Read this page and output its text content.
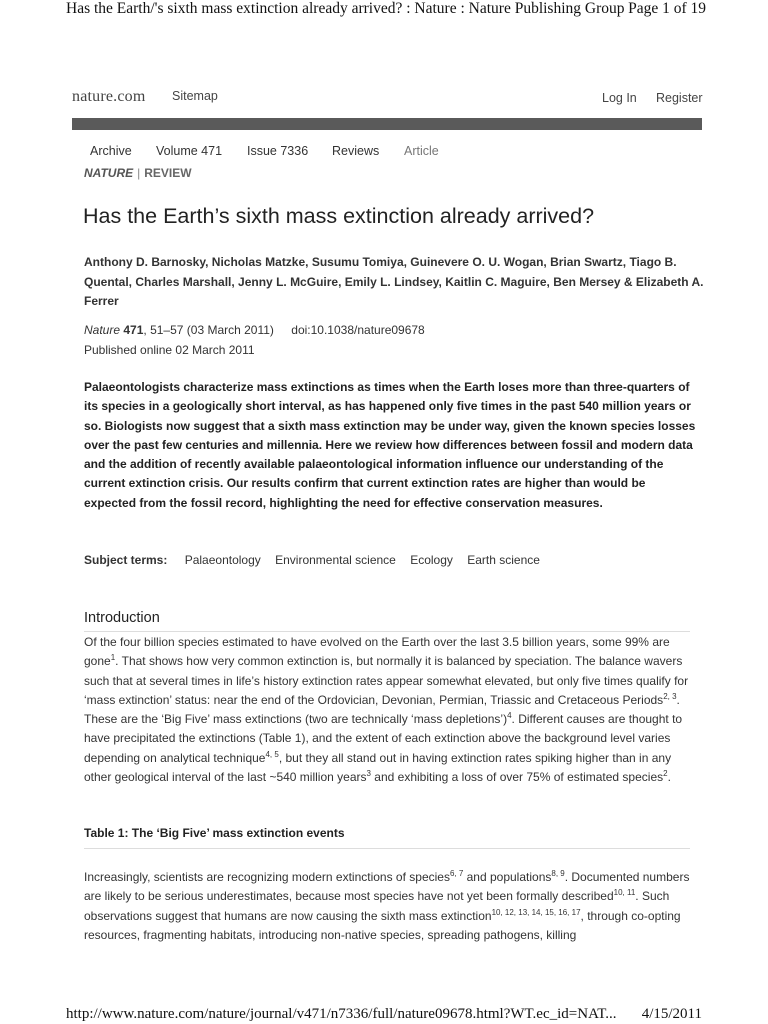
Has the Earth/'s sixth mass extinction already arrived? : Nature : Nature Publishing Group Page 1 of 19
nature.com Sitemap	Log In Register
Archive Volume 471 Issue 7336 Reviews Article
NATURE | REVIEW
Has the Earth’s sixth mass extinction already arrived?
Anthony D. Barnosky, Nicholas Matzke, Susumu Tomiya, Guinevere O. U. Wogan, Brian Swartz, Tiago B. Quental, Charles Marshall, Jenny L. McGuire, Emily L. Lindsey, Kaitlin C. Maguire, Ben Mersey & Elizabeth A. Ferrer
Nature 471, 51–57 (03 March 2011) doi:10.1038/nature09678
Published online 02 March 2011
Palaeontologists characterize mass extinctions as times when the Earth loses more than three-quarters of its species in a geologically short interval, as has happened only five times in the past 540 million years or so. Biologists now suggest that a sixth mass extinction may be under way, given the known species losses over the past few centuries and millennia. Here we review how differences between fossil and modern data and the addition of recently available palaeontological information influence our understanding of the current extinction crisis. Our results confirm that current extinction rates are higher than would be expected from the fossil record, highlighting the need for effective conservation measures.
Subject terms: Palaeontology Environmental science Ecology Earth science
Introduction
Of the four billion species estimated to have evolved on the Earth over the last 3.5 billion years, some 99% are gone$^1$. That shows how very common extinction is, but normally it is balanced by speciation. The balance wavers such that at several times in life’s history extinction rates appear somewhat elevated, but only five times qualify for ‘mass extinction’ status: near the end of the Ordovician, Devonian, Permian, Triassic and Cretaceous Periods$^{2, 3}$. These are the ‘Big Five’ mass extinctions (two are technically ‘mass depletions’)$^4$. Different causes are thought to have precipitated the extinctions (Table 1), and the extent of each extinction above the background level varies depending on analytical technique$^{4, 5}$, but they all stand out in having extinction rates spiking higher than in any other geological interval of the last ~540 million years$^3$ and exhibiting a loss of over 75% of estimated species$^2$.
Table 1: The ‘Big Five’ mass extinction events
Increasingly, scientists are recognizing modern extinctions of species$^{6, 7}$ and populations$^{8, 9}$. Documented numbers are likely to be serious underestimates, because most species have not yet been formally described$^{10, 11}$. Such observations suggest that humans are now causing the sixth mass extinction$^{10, 12, 13, 14, 15, 16, 17}$, through co-opting resources, fragmenting habitats, introducing non-native species, spreading pathogens, killing
http://www.nature.com/nature/journal/v471/n7336/full/nature09678.html?WT.ec_id=NAT... 4/15/2011
